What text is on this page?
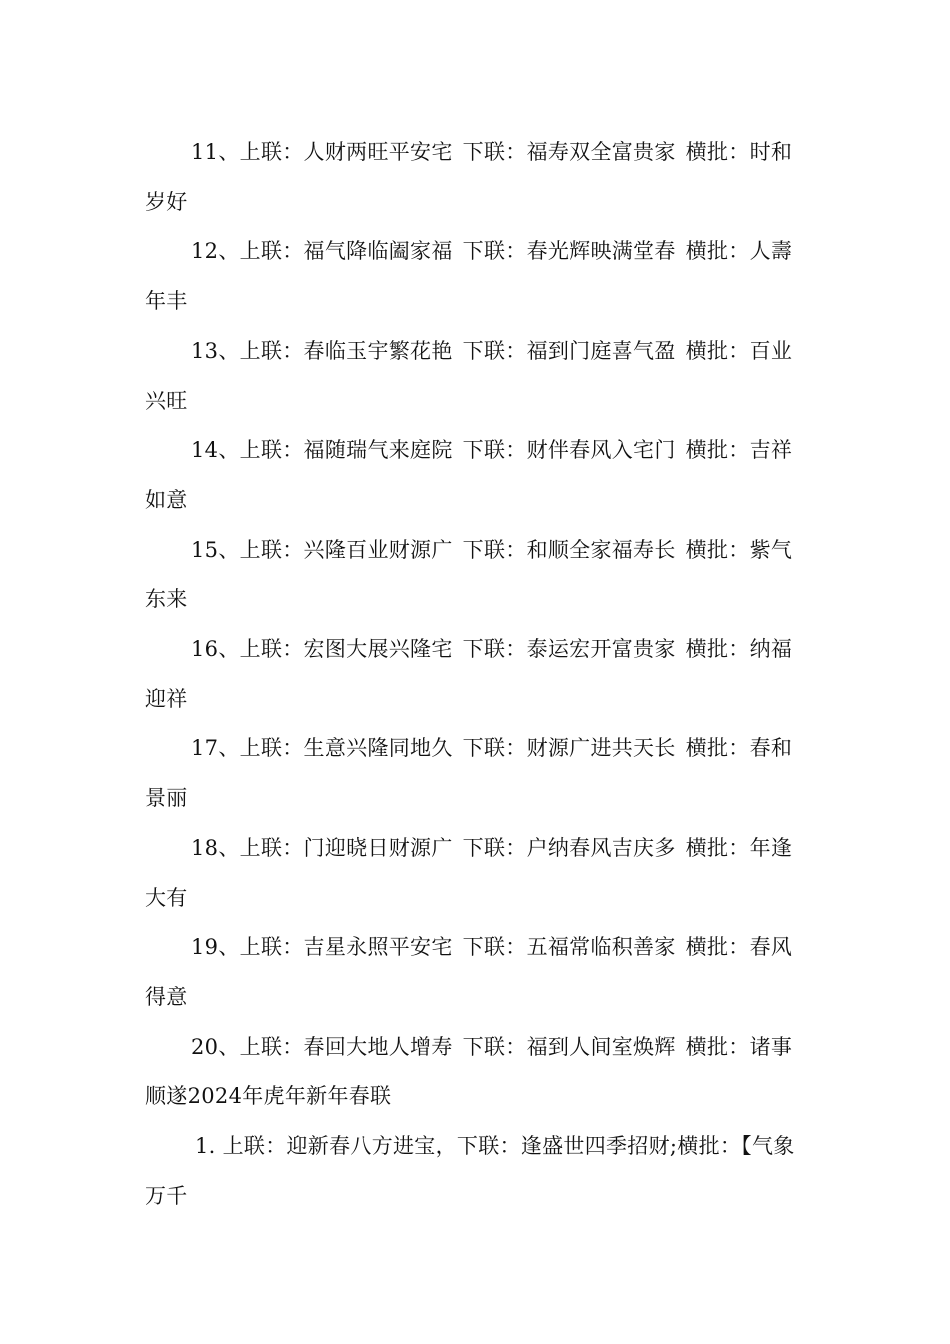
11、上联：人财两旺平安宅 下联：福寿双全富贵家 横批：时和岁好

12、上联：福气降临阖家福 下联：春光辉映满堂春 横批：人壽年丰

13、上联：春临玉宇繁花艳 下联：福到门庭喜气盈 横批：百业兴旺

14、上联：福随瑞气来庭院 下联：财伴春风入宅门 横批：吉祥如意

15、上联：兴隆百业财源广 下联：和顺全家福寿长 横批：紫气东来

16、上联：宏图大展兴隆宅 下联：泰运宏开富贵家 横批：纳福迎祥

17、上联：生意兴隆同地久 下联：财源广进共天长 横批：春和景丽

18、上联：门迎晓日财源广 下联：户纳春风吉庆多 横批：年逢大有

19、上联：吉星永照平安宅 下联：五福常临积善家 横批：春风得意

20、上联：春回大地人增寿 下联：福到人间室焕辉 横批：诸事顺遂2024年虎年新年春联

1. 上联：迎新春八方进宝，下联：逢盛世四季招财;横批：【气象万千
